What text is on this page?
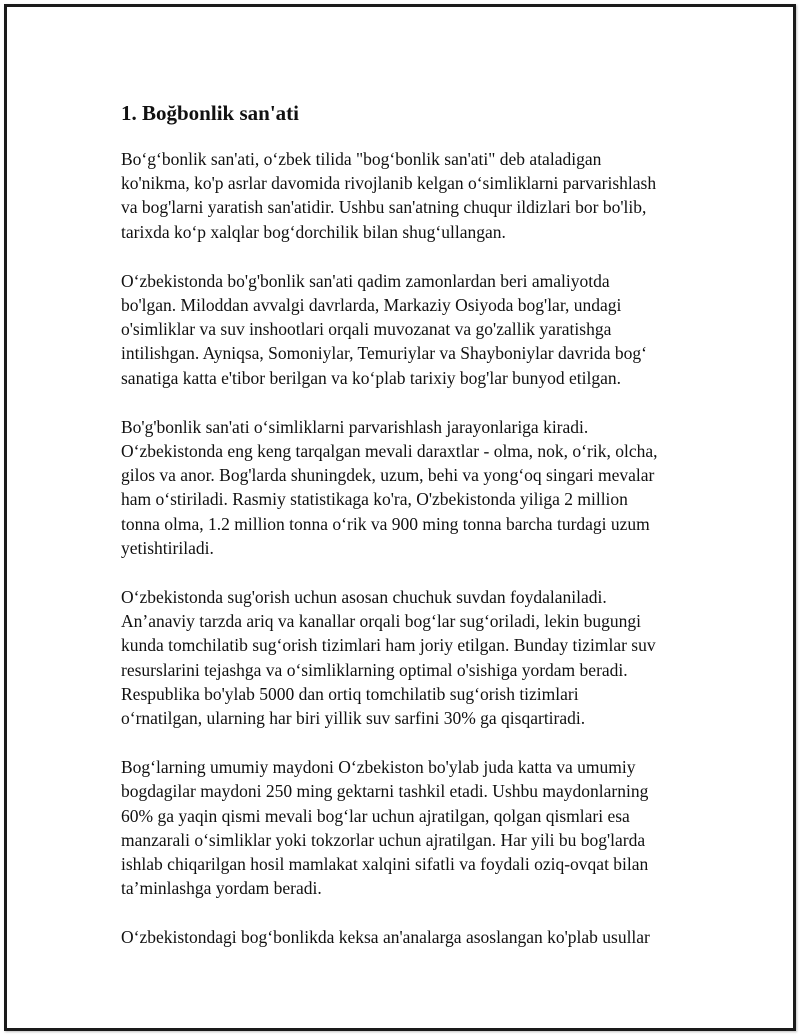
1. Boğbonlik san'ati

Bo‘g‘bonlik san'ati, o‘zbek tilida "bog‘bonlik san'ati" deb ataladigan
ko'nikma, ko'p asrlar davomida rivojlanib kelgan o‘simliklarni parvarishlash
va bog'larni yaratish san'atidir. Ushbu san'atning chuqur ildizlari bor bo'lib,
tarixda ko‘p xalqlar bog‘dorchilik bilan shug‘ullangan.

O‘zbekistonda bo'g'bonlik san'ati qadim zamonlardan beri amaliyotda
bo'lgan. Miloddan avvalgi davrlarda, Markaziy Osiyoda bog'lar, undagi
o'simliklar va suv inshootlari orqali muvozanat va go'zallik yaratishga
intilishgan. Ayniqsa, Somoniylar, Temuriylar va Shayboniylar davrida bog‘
sanatiga katta e'tibor berilgan va ko‘plab tarixiy bog'lar bunyod etilgan.

Bo'g'bonlik san'ati o‘simliklarni parvarishlash jarayonlariga kiradi.
O‘zbekistonda eng keng tarqalgan mevali daraxtlar - olma, nok, o‘rik, olcha,
gilos va anor. Bog'larda shuningdek, uzum, behi va yong‘oq singari mevalar
ham o‘stiriladi. Rasmiy statistikaga ko'ra, O'zbekistonda yiliga 2 million
tonna olma, 1.2 million tonna o‘rik va 900 ming tonna barcha turdagi uzum
yetishtiriladi.

O‘zbekistonda sug'orish uchun asosan chuchuk suvdan foydalaniladi.
An’anaviy tarzda ariq va kanallar orqali bog‘lar sug‘oriladi, lekin bugungi
kunda tomchilatib sug‘orish tizimlari ham joriy etilgan. Bunday tizimlar suv
resurslarini tejashga va o‘simliklarning optimal o'sishiga yordam beradi.
Respublika bo'ylab 5000 dan ortiq tomchilatib sug‘orish tizimlari
o‘rnatilgan, ularning har biri yillik suv sarfini 30% ga qisqartiradi.

Bog‘larning umumiy maydoni O‘zbekiston bo'ylab juda katta va umumiy
bogdagilar maydoni 250 ming gektarni tashkil etadi. Ushbu maydonlarning
60% ga yaqin qismi mevali bog‘lar uchun ajratilgan, qolgan qismlari esa
manzarali o‘simliklar yoki tokzorlar uchun ajratilgan. Har yili bu bog'larda
ishlab chiqarilgan hosil mamlakat xalqini sifatli va foydali oziq-ovqat bilan
ta’minlashga yordam beradi.

O‘zbekistondagi bog‘bonlikda keksa an'analarga asoslangan ko'plab usullar
